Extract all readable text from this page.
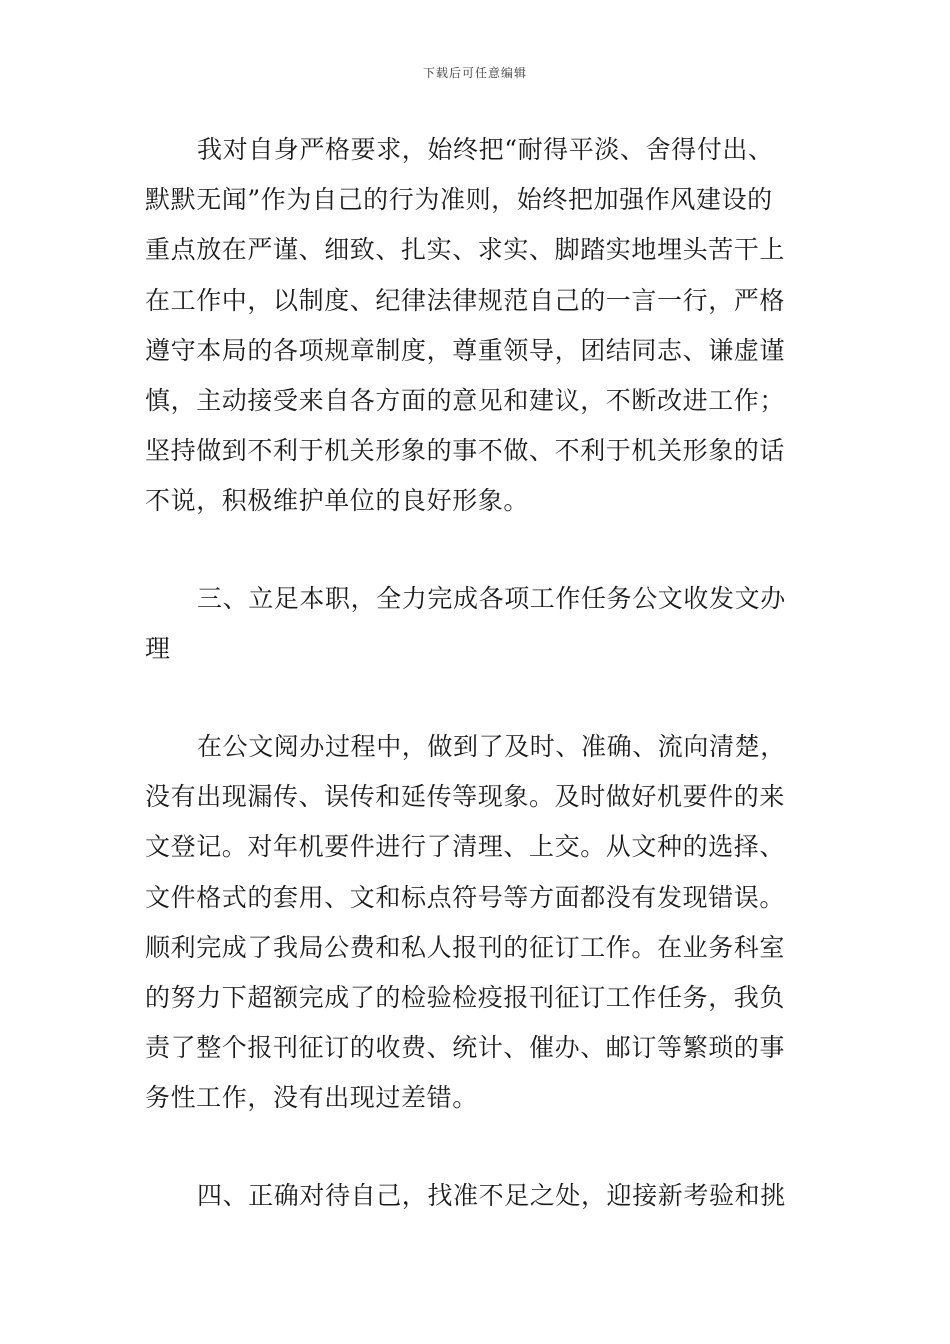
下载后可任意编辑
我对自身严格要求，始终把“耐得平淡、舍得付出、
默默无闻”作为自己的行为准则，始终把加强作风建设的
重点放在严谨、细致、扎实、求实、脚踏实地埋头苦干上
在工作中，以制度、纪律法律规范自己的一言一行，严格
遵守本局的各项规章制度，尊重领导，团结同志、谦虚谨
慎，主动接受来自各方面的意见和建议，不断改进工作；
坚持做到不利于机关形象的事不做、不利于机关形象的话
不说，积极维护单位的良好形象。
三、立足本职，全力完成各项工作任务公文收发文办
理
在公文阅办过程中，做到了及时、准确、流向清楚，
没有出现漏传、误传和延传等现象。及时做好机要件的来
文登记。对年机要件进行了清理、上交。从文种的选择、
文件格式的套用、文和标点符号等方面都没有发现错误。
顺利完成了我局公费和私人报刊的征订工作。在业务科室
的努力下超额完成了的检验检疫报刊征订工作任务，我负
责了整个报刊征订的收费、统计、催办、邮订等繁琐的事
务性工作，没有出现过差错。
四、正确对待自己，找准不足之处，迎接新考验和挑
